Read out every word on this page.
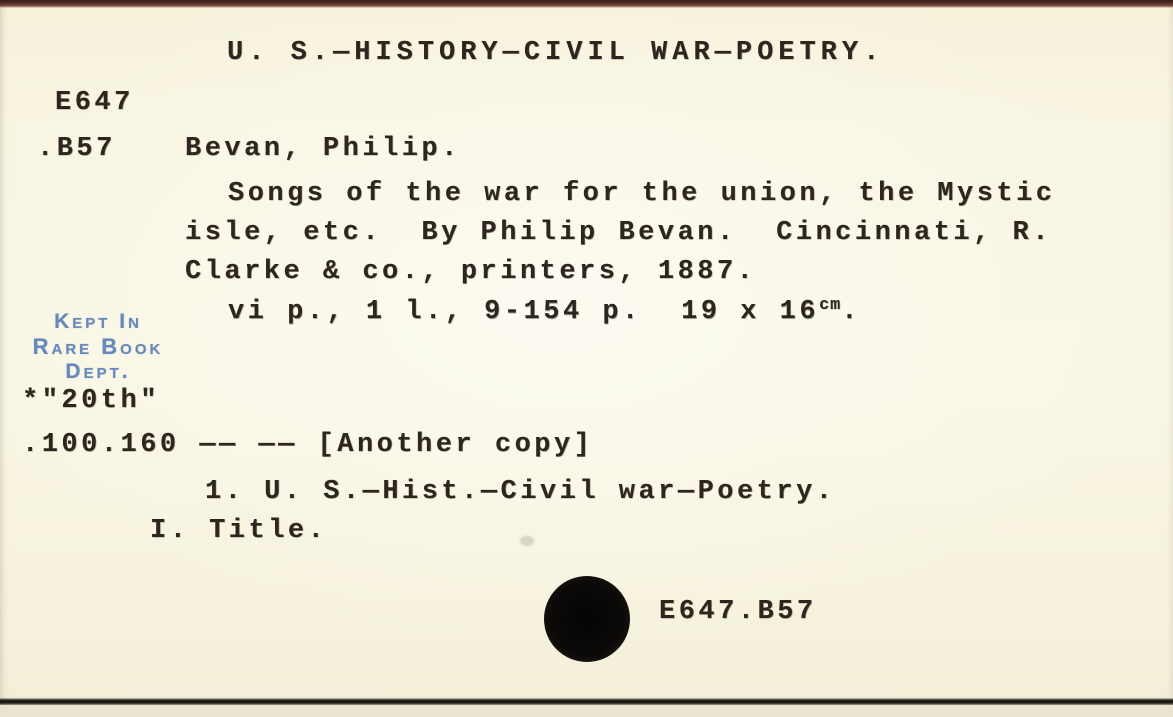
U. S.—HISTORY—CIVIL WAR—POETRY.
E647
.B57	Bevan, Philip.
Songs of the war for the union, the Mystic
isle, etc.  By Philip Bevan.  Cincinnati, R.
Clarke & co., printers, 1887.
vi p., 1 l., 9-154 p.  19 x $16^{cm}$.
Kept In
Rare Book
Dept.
*"20th"
.100.160 —— —— [Another copy]
1. U. S.—Hist.—Civil war—Poetry.
I. Title.
E647.B57
